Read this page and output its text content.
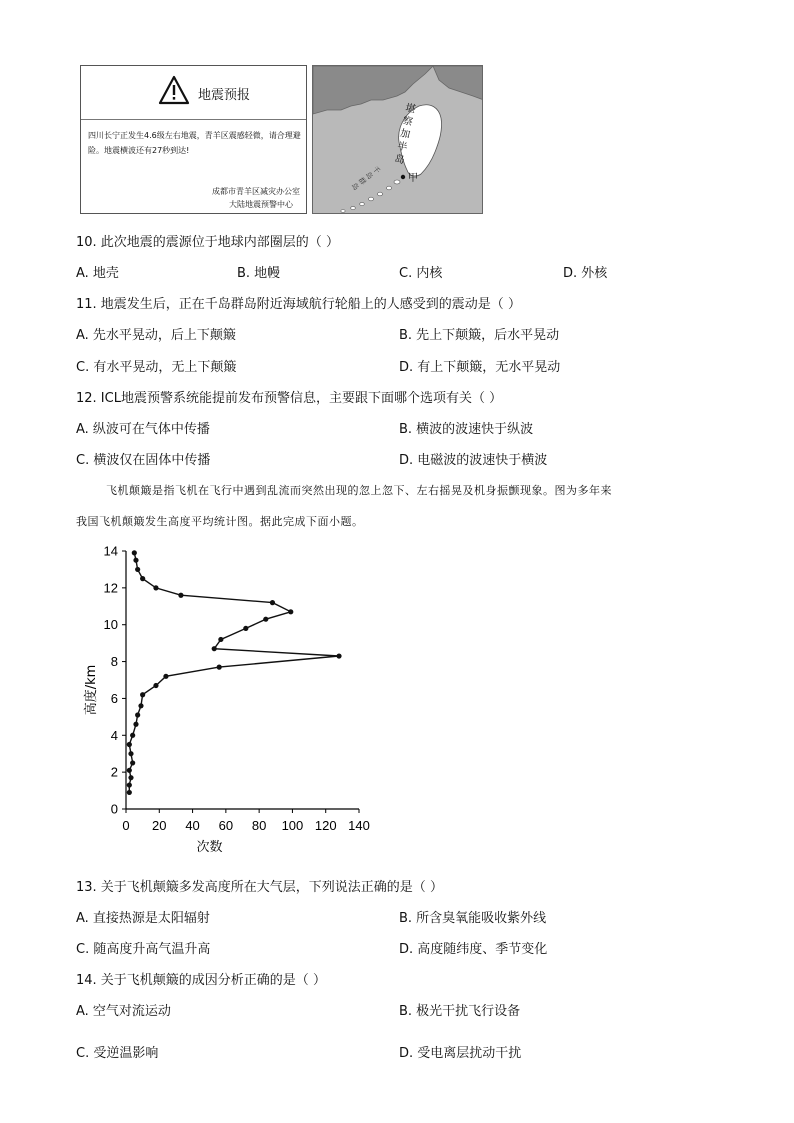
地震预报
四川长宁正发生4.6级左右地震，青羊区震感轻微，请合理避险。地震横波还有27秒到达!
成都市青羊区减灾办公室
大陆地震预警中心
堪察加半岛
千岛群岛
甲
10. 此次地震的震源位于地球内部圈层的（ ）
A. 地壳	B. 地幔	C. 内核	D. 外核
11. 地震发生后，正在千岛群岛附近海域航行轮船上的人感受到的震动是（ ）
A. 先水平晃动，后上下颠簸	B. 先上下颠簸，后水平晃动
C. 有水平晃动，无上下颠簸	D. 有上下颠簸，无水平晃动
12. ICL地震预警系统能提前发布预警信息，主要跟下面哪个选项有关（ ）
A. 纵波可在气体中传播	B. 横波的波速快于纵波
C. 横波仅在固体中传播	D. 电磁波的波速快于横波
飞机颠簸是指飞机在飞行中遇到乱流而突然出现的忽上忽下、左右摇晃及机身振颤现象。图为多年来
我国飞机颠簸发生高度平均统计图。据此完成下面小题。
0 20 40 60 80 100 120 140
0
2
4
6
8
10
12
14
次数
高度/km
13. 关于飞机颠簸多发高度所在大气层，下列说法正确的是（ ）
A. 直接热源是太阳辐射	B. 所含臭氧能吸收紫外线
C. 随高度升高气温升高	D. 高度随纬度、季节变化
14. 关于飞机颠簸的成因分析正确的是（ ）
A. 空气对流运动	B. 极光干扰飞行设备
C. 受逆温影响	D. 受电离层扰动干扰
